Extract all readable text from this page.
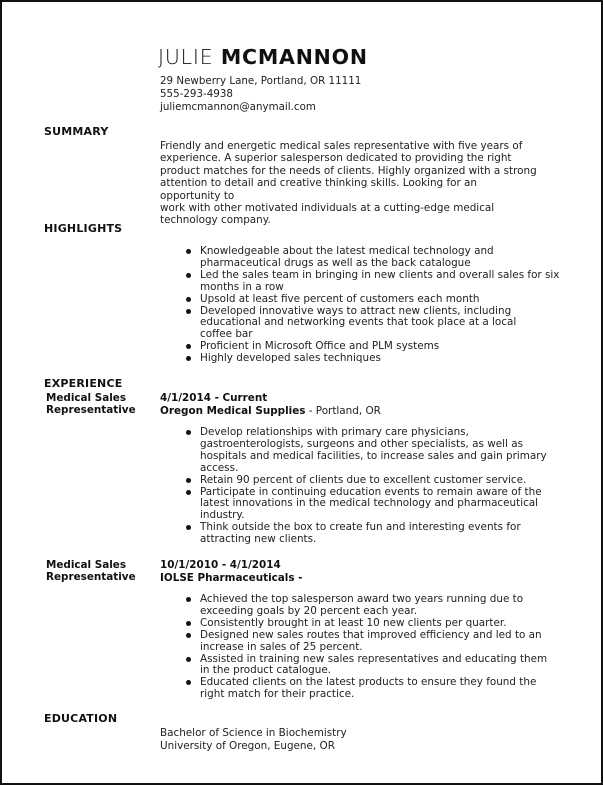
JULIE MCMANNON
29 Newberry Lane, Portland, OR 11111
555-293-4938
juliemcmannon@anymail.com
SUMMARY
Friendly and energetic medical sales representative with five years of
experience. A superior salesperson dedicated to providing the right
product matches for the needs of clients. Highly organized with a strong
attention to detail and creative thinking skills. Looking for an opportunity to
work with other motivated individuals at a cutting-edge medical
technology company.
HIGHLIGHTS
Knowledgeable about the latest medical technology and
pharmaceutical drugs as well as the back catalogue
Led the sales team in bringing in new clients and overall sales for six
months in a row
Upsold at least five percent of customers each month
Developed innovative ways to attract new clients, including
educational and networking events that took place at a local
coffee bar
Proficient in Microsoft Office and PLM systems
Highly developed sales techniques
EXPERIENCE
Medical Sales Representative
4/1/2014 - Current
Oregon Medical Supplies - Portland, OR
Develop relationships with primary care physicians,
gastroenterologists, surgeons and other specialists, as well as
hospitals and medical facilities, to increase sales and gain primary
access.
Retain 90 percent of clients due to excellent customer service.
Participate in continuing education events to remain aware of the
latest innovations in the medical technology and pharmaceutical
industry.
Think outside the box to create fun and interesting events for
attracting new clients.
Medical Sales Representative
10/1/2010 - 4/1/2014
IOLSE Pharmaceuticals -
Achieved the top salesperson award two years running due to
exceeding goals by 20 percent each year.
Consistently brought in at least 10 new clients per quarter.
Designed new sales routes that improved efficiency and led to an
increase in sales of 25 percent.
Assisted in training new sales representatives and educating them
in the product catalogue.
Educated clients on the latest products to ensure they found the
right match for their practice.
EDUCATION
Bachelor of Science in Biochemistry
University of Oregon, Eugene, OR
